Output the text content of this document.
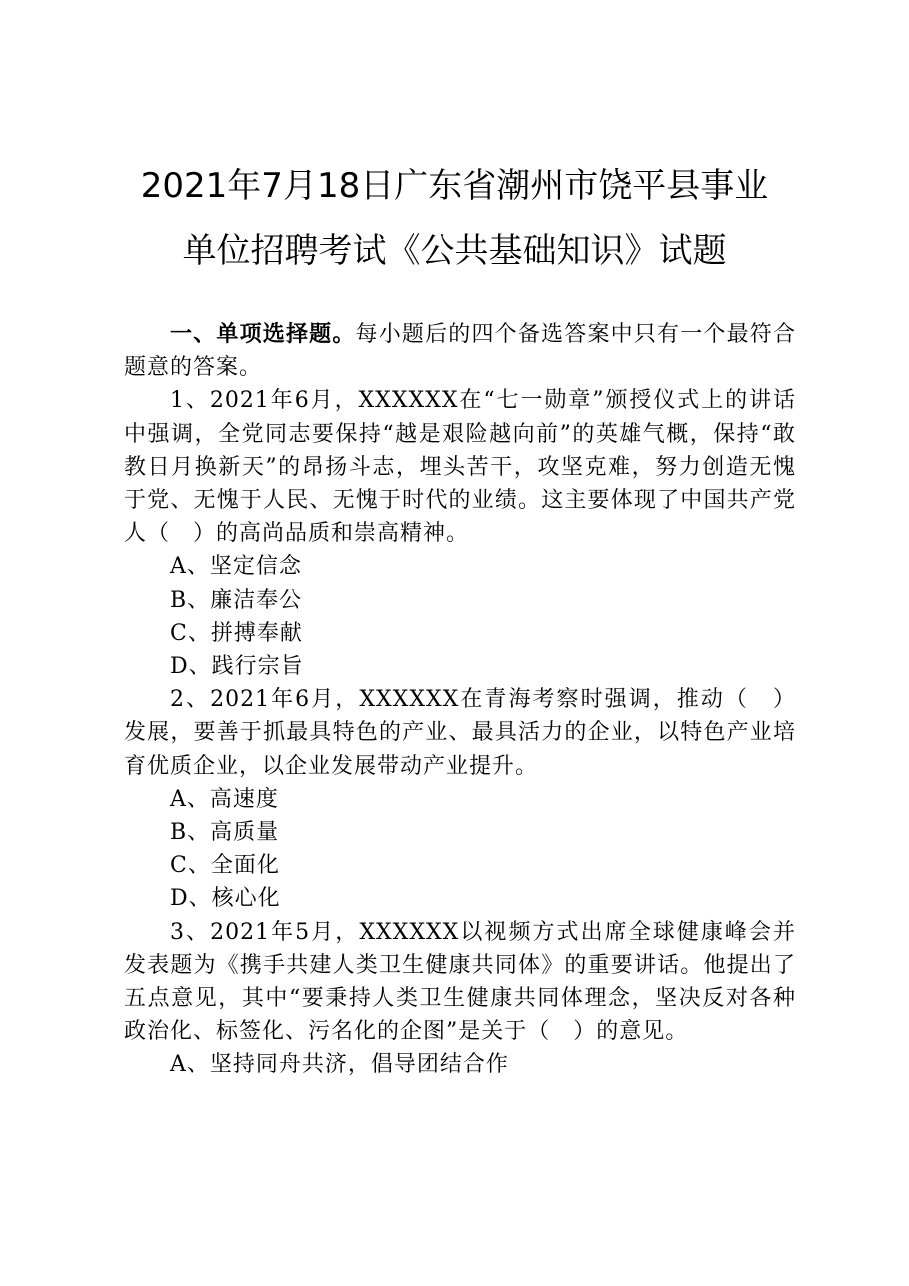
2021年7月18日广东省潮州市饶平县事业
单位招聘考试《公共基础知识》试题

一、单项选择题。每小题后的四个备选答案中只有一个最符合题意的答案。

1、2021年6月，XXXXXX在“七一勋章”颁授仪式上的讲话中强调，全党同志要保持“越是艰险越向前”的英雄气概，保持“敢教日月换新天”的昂扬斗志，埋头苦干，攻坚克难，努力创造无愧于党、无愧于人民、无愧于时代的业绩。这主要体现了中国共产党人（　）的高尚品质和崇高精神。

A、坚定信念

B、廉洁奉公

C、拼搏奉献

D、践行宗旨

2、2021年6月，XXXXXX在青海考察时强调，推动（　）发展，要善于抓最具特色的产业、最具活力的企业，以特色产业培育优质企业，以企业发展带动产业提升。

A、高速度

B、高质量

C、全面化

D、核心化

3、2021年5月，XXXXXX以视频方式出席全球健康峰会并发表题为《携手共建人类卫生健康共同体》的重要讲话。他提出了五点意见，其中“要秉持人类卫生健康共同体理念，坚决反对各种政治化、标签化、污名化的企图”是关于（　）的意见。

A、坚持同舟共济，倡导团结合作
